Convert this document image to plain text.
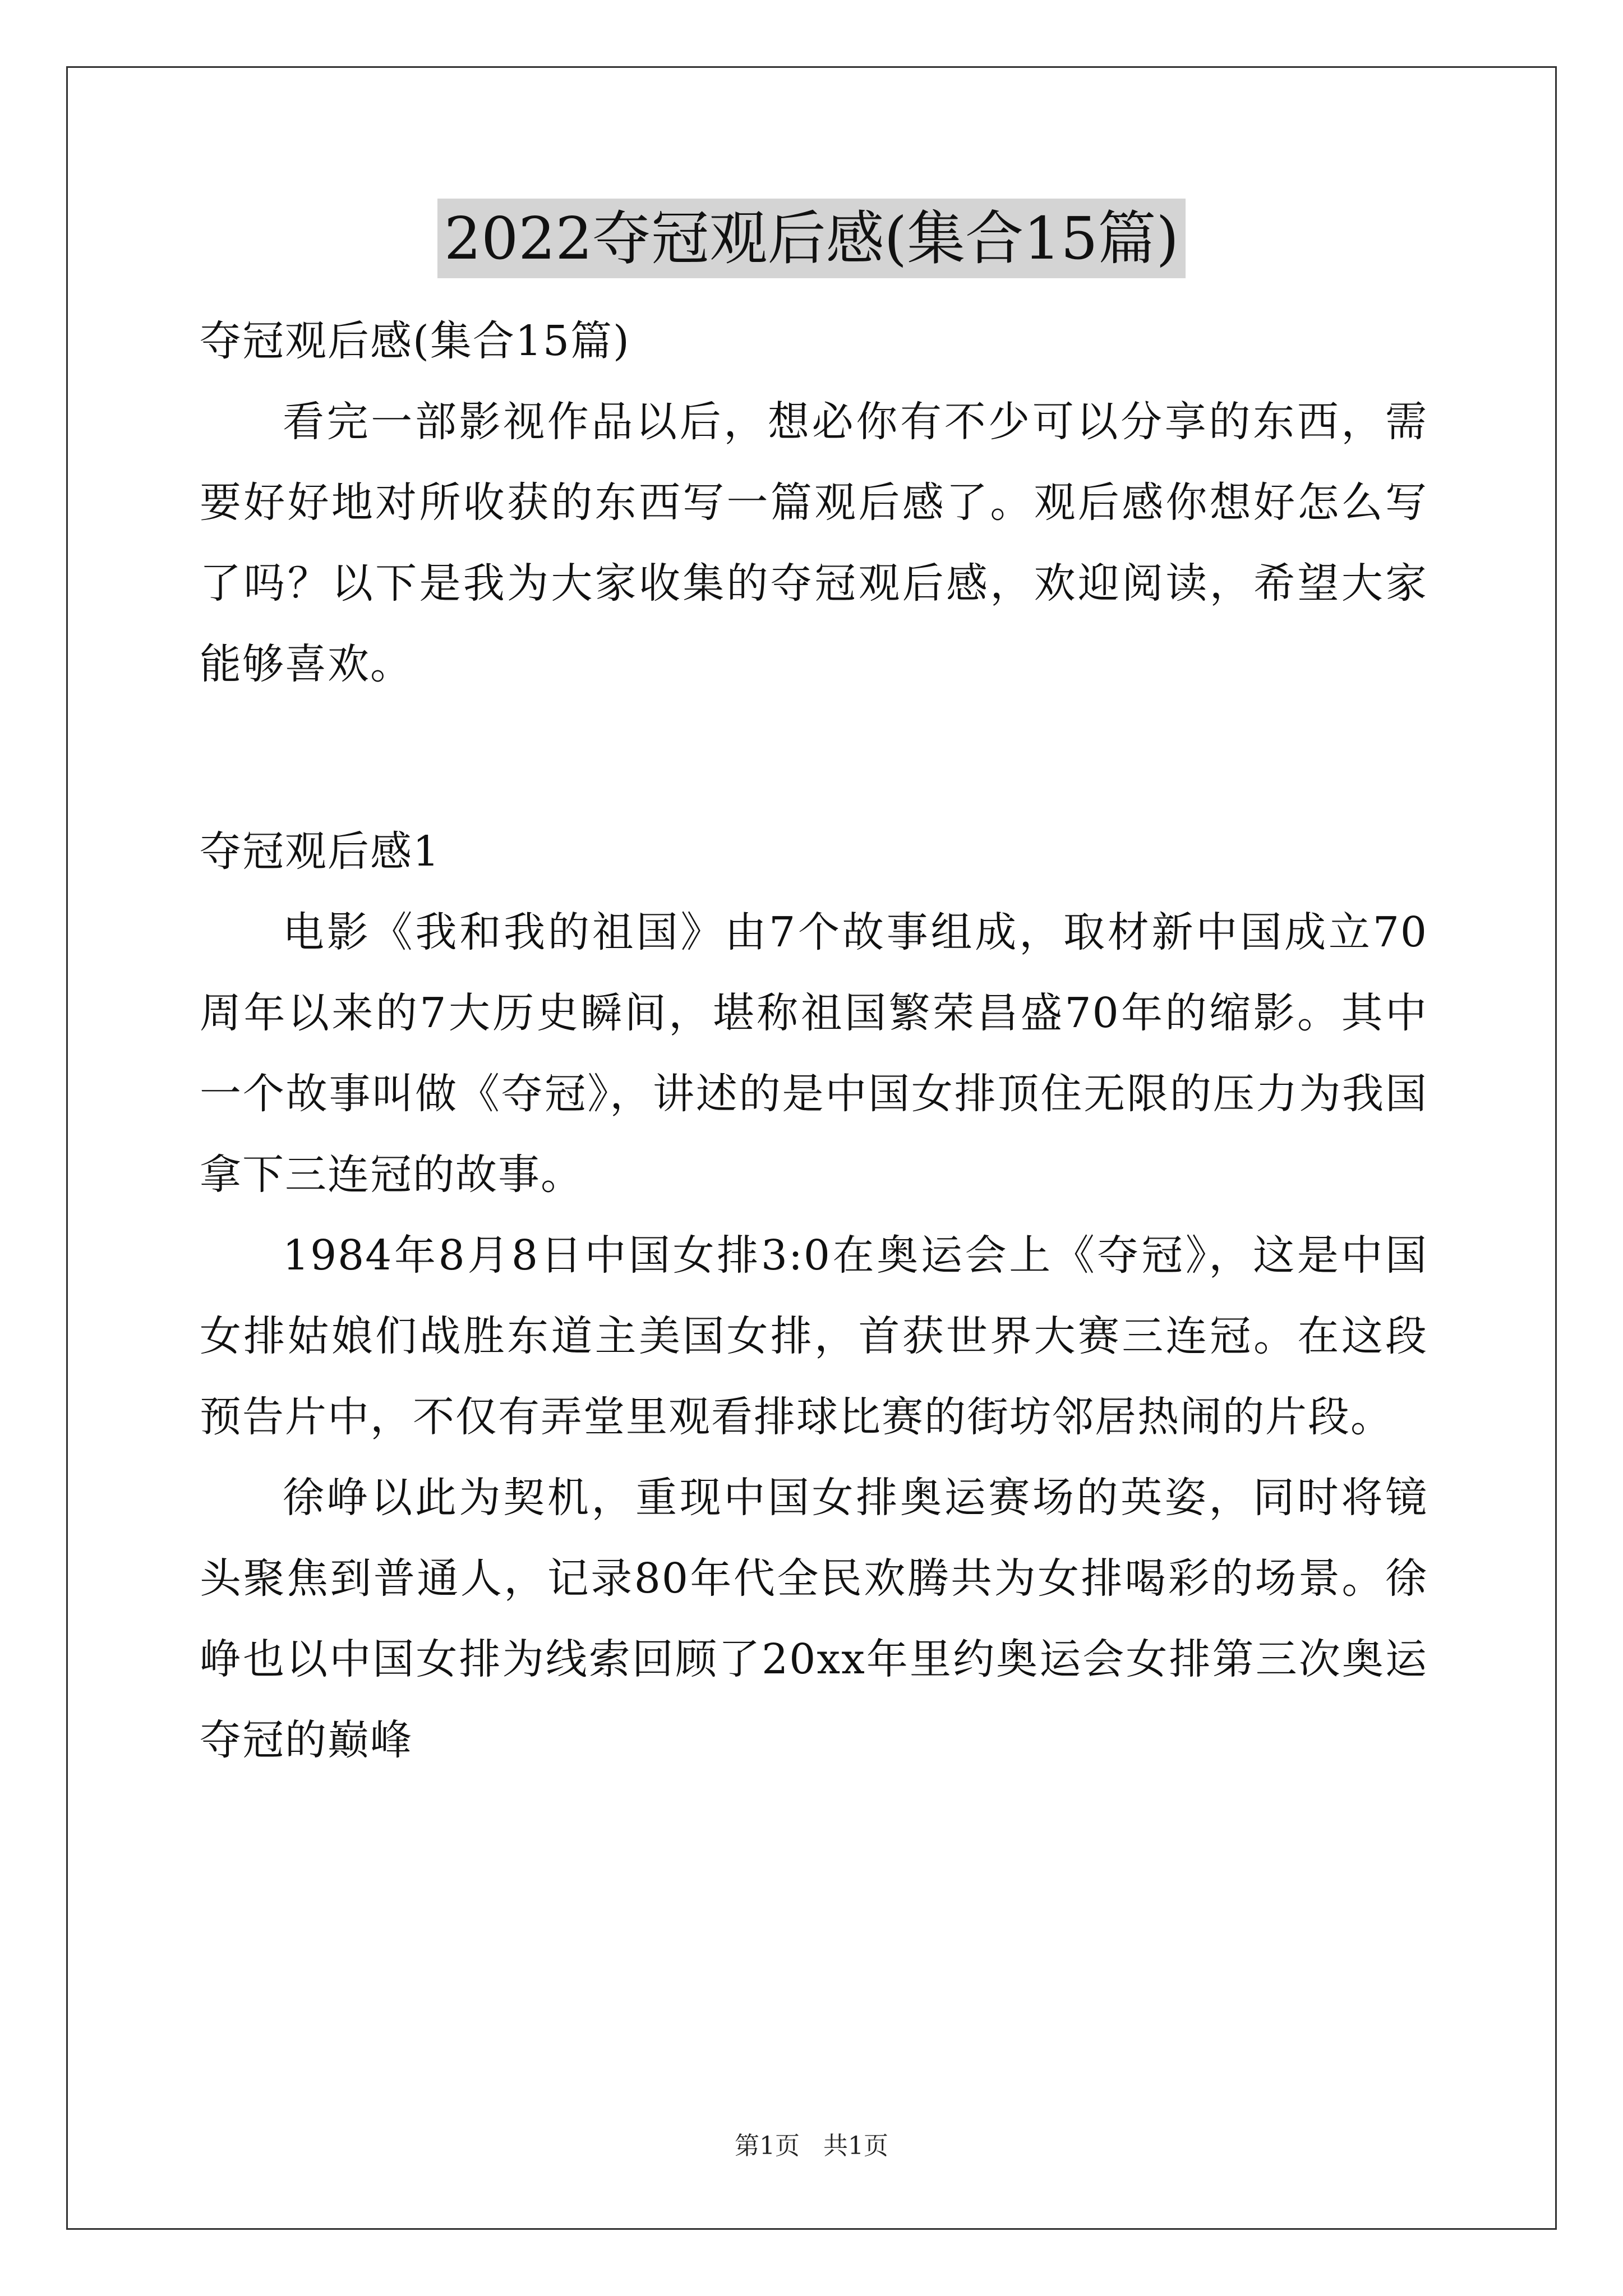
2022夺冠观后感(集合15篇)

夺冠观后感(集合15篇)

看完一部影视作品以后，想必你有不少可以分享的东西，需要好好地对所收获的东西写一篇观后感了。观后感你想好怎么写了吗？以下是我为大家收集的夺冠观后感，欢迎阅读，希望大家能够喜欢。

夺冠观后感1

电影《我和我的祖国》由7个故事组成，取材新中国成立70周年以来的7大历史瞬间，堪称祖国繁荣昌盛70年的缩影。其中一个故事叫做《夺冠》，讲述的是中国女排顶住无限的压力为我国拿下三连冠的故事。

1984年8月8日中国女排3:0在奥运会上《夺冠》，这是中国女排姑娘们战胜东道主美国女排，首获世界大赛三连冠。在这段预告片中，不仅有弄堂里观看排球比赛的街坊邻居热闹的片段。

徐峥以此为契机，重现中国女排奥运赛场的英姿，同时将镜头聚焦到普通人，记录80年代全民欢腾共为女排喝彩的场景。徐峥也以中国女排为线索回顾了20xx年里约奥运会女排第三次奥运夺冠的巅峰

第1页 共1页
